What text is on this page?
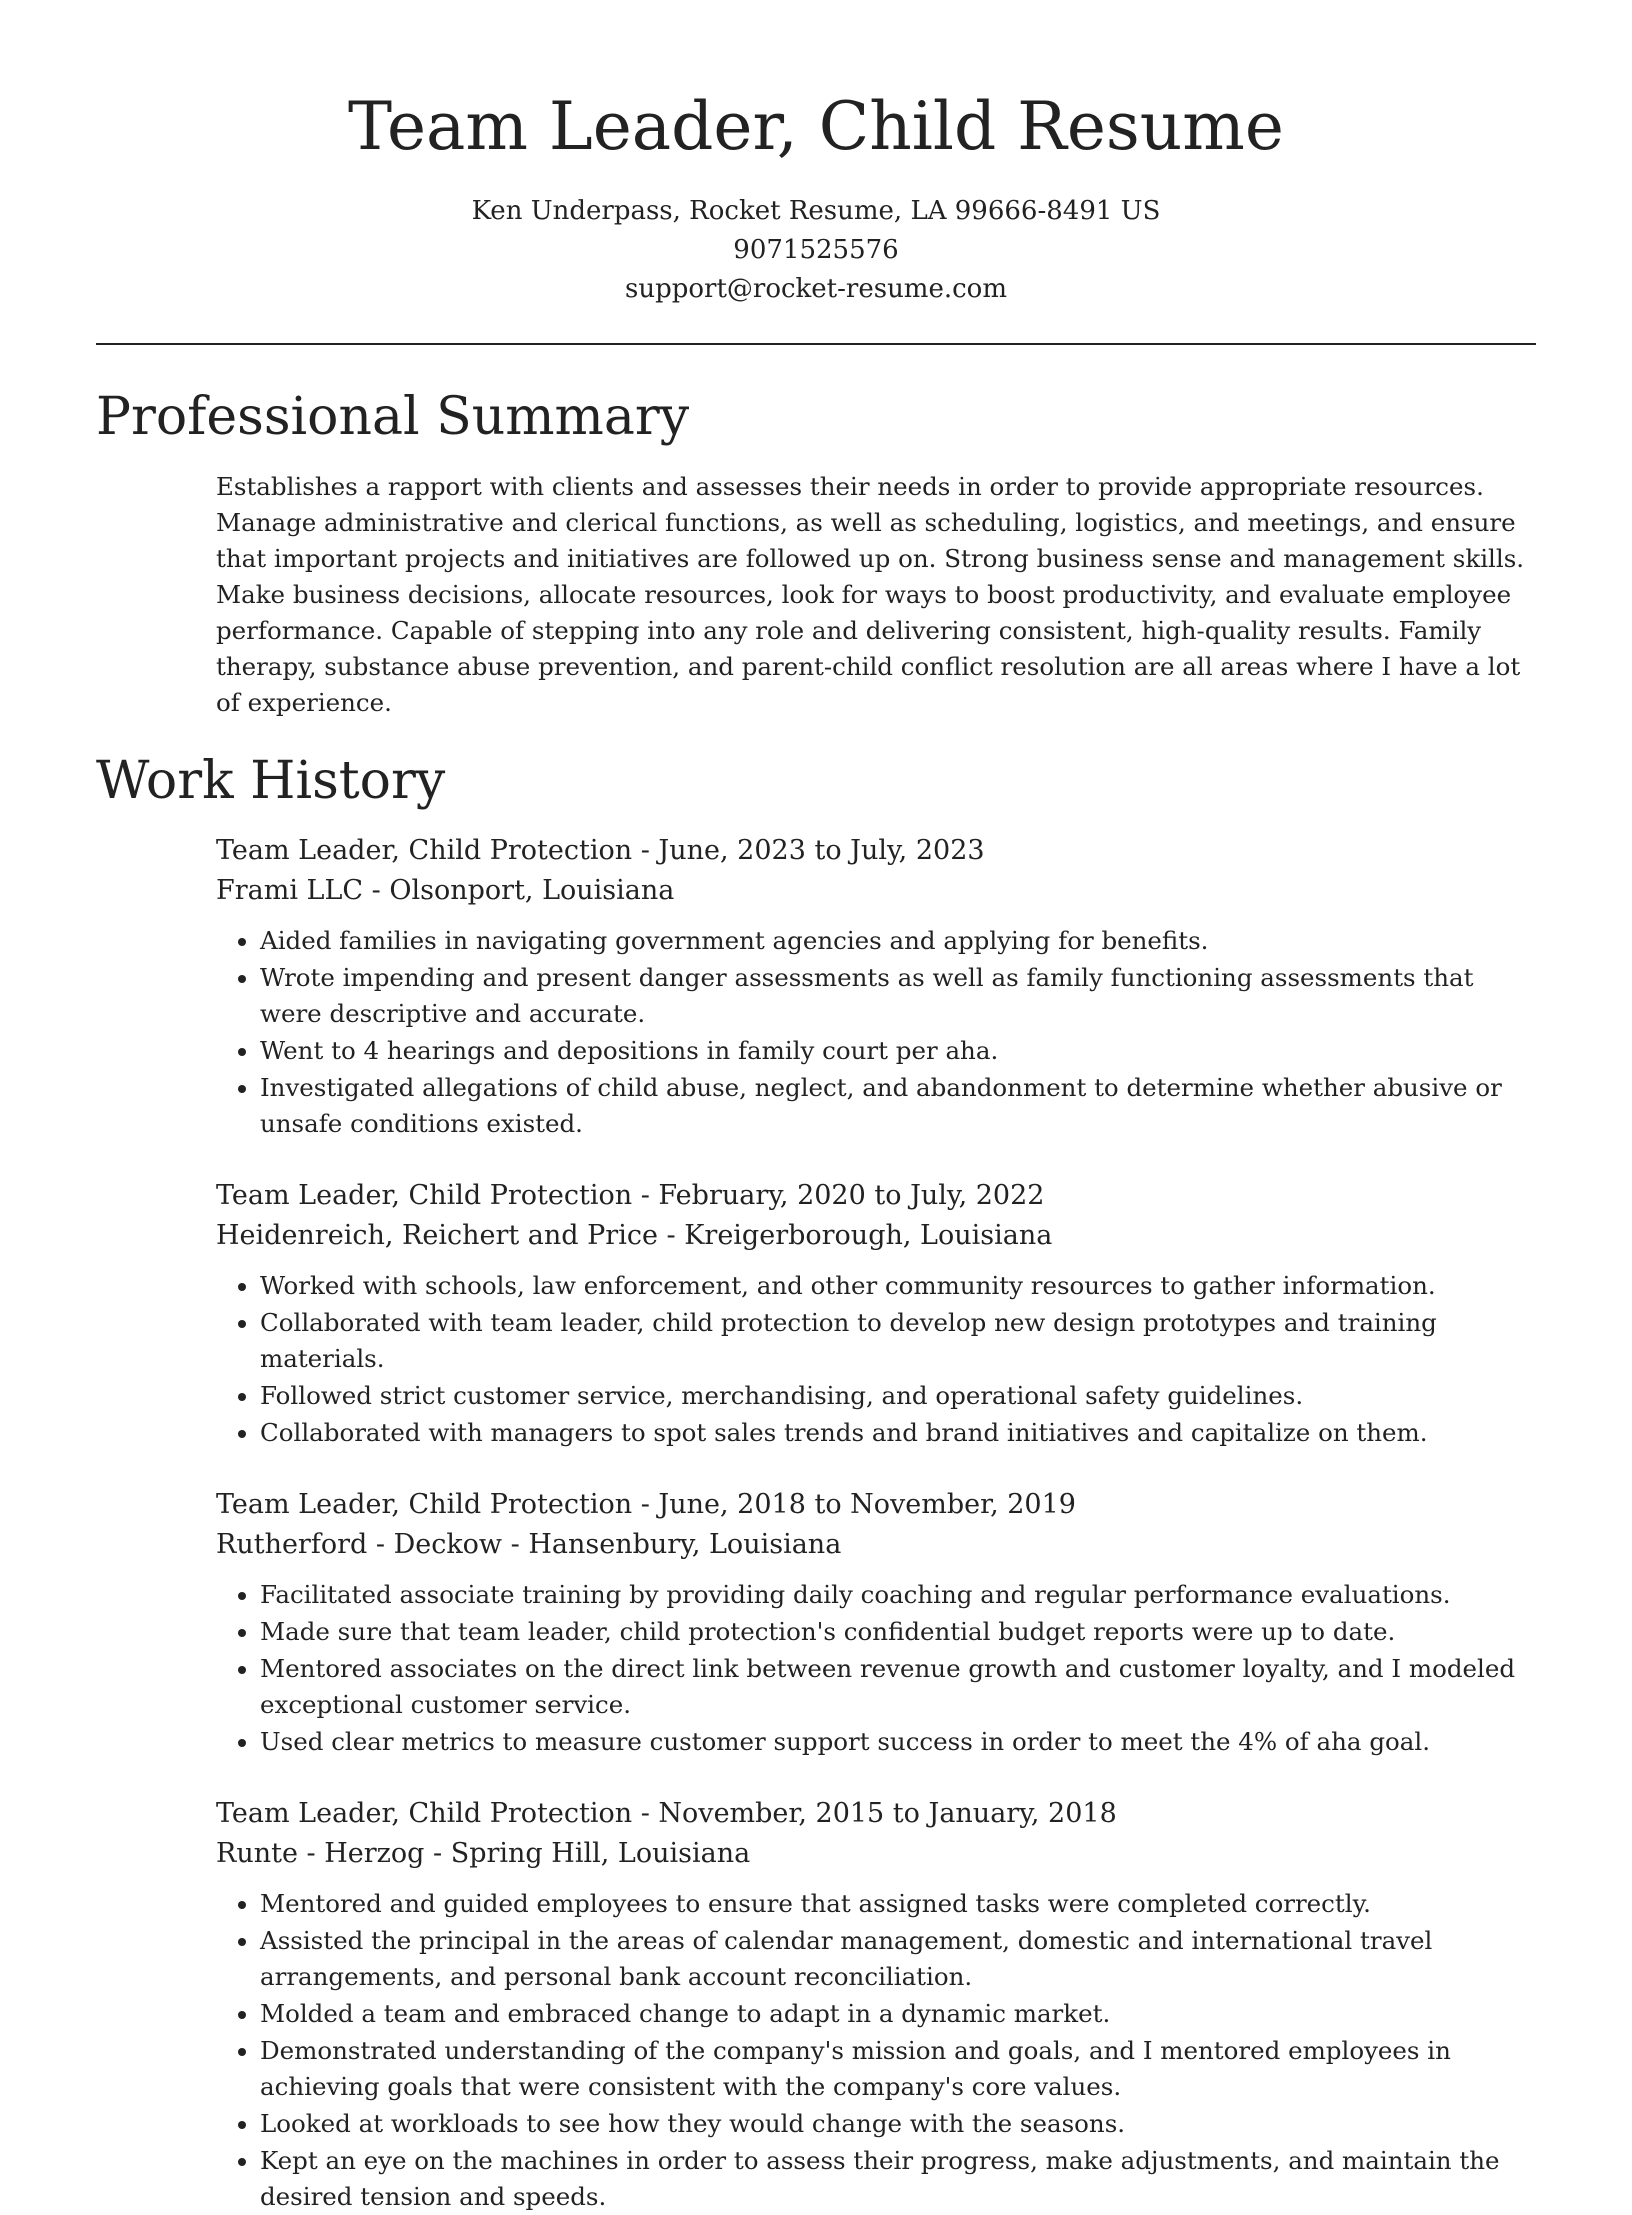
Team Leader, Child Resume
Ken Underpass, Rocket Resume, LA 99666-8491 US
9071525576
support@rocket-resume.com
Professional Summary

Establishes a rapport with clients and assesses their needs in order to provide appropriate resources. Manage administrative and clerical functions, as well as scheduling, logistics, and meetings, and ensure that important projects and initiatives are followed up on. Strong business sense and management skills. Make business decisions, allocate resources, look for ways to boost productivity, and evaluate employee performance. Capable of stepping into any role and delivering consistent, high-quality results. Family therapy, substance abuse prevention, and parent-child conflict resolution are all areas where I have a lot of experience.

Work History
Team Leader, Child Protection - June, 2023 to July, 2023
Frami LLC - Olsonport, Louisiana
• Aided families in navigating government agencies and applying for benefits.
• Wrote impending and present danger assessments as well as family functioning assessments that were descriptive and accurate.
• Went to 4 hearings and depositions in family court per aha.
• Investigated allegations of child abuse, neglect, and abandonment to determine whether abusive or unsafe conditions existed.
Team Leader, Child Protection - February, 2020 to July, 2022
Heidenreich, Reichert and Price - Kreigerborough, Louisiana
• Worked with schools, law enforcement, and other community resources to gather information.
• Collaborated with team leader, child protection to develop new design prototypes and training materials.
• Followed strict customer service, merchandising, and operational safety guidelines.
• Collaborated with managers to spot sales trends and brand initiatives and capitalize on them.
Team Leader, Child Protection - June, 2018 to November, 2019
Rutherford - Deckow - Hansenbury, Louisiana
• Facilitated associate training by providing daily coaching and regular performance evaluations.
• Made sure that team leader, child protection's confidential budget reports were up to date.
• Mentored associates on the direct link between revenue growth and customer loyalty, and I modeled exceptional customer service.
• Used clear metrics to measure customer support success in order to meet the 4% of aha goal.
Team Leader, Child Protection - November, 2015 to January, 2018
Runte - Herzog - Spring Hill, Louisiana
• Mentored and guided employees to ensure that assigned tasks were completed correctly.
• Assisted the principal in the areas of calendar management, domestic and international travel arrangements, and personal bank account reconciliation.
• Molded a team and embraced change to adapt in a dynamic market.
• Demonstrated understanding of the company's mission and goals, and I mentored employees in achieving goals that were consistent with the company's core values.
• Looked at workloads to see how they would change with the seasons.
• Kept an eye on the machines in order to assess their progress, make adjustments, and maintain the desired tension and speeds.
